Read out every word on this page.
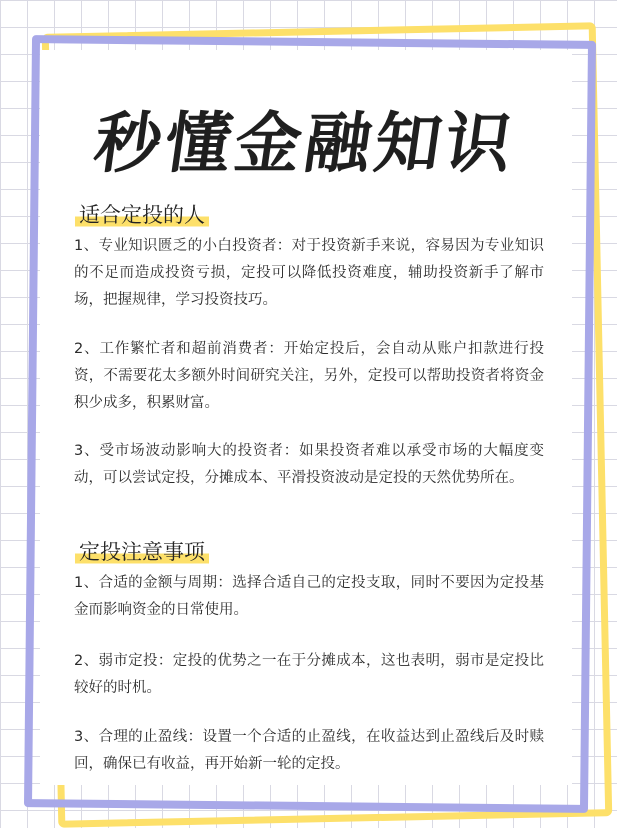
秒懂金融知识
适合定投的人

1、专业知识匮乏的小白投资者：对于投资新手来说，容易因为专业知识的不足而造成投资亏损，定投可以降低投资难度，辅助投资新手了解市场，把握规律，学习投资技巧。

2、工作繁忙者和超前消费者：开始定投后，会自动从账户扣款进行投资，不需要花太多额外时间研究关注，另外，定投可以帮助投资者将资金积少成多，积累财富。

3、受市场波动影响大的投资者：如果投资者难以承受市场的大幅度变动，可以尝试定投，分摊成本、平滑投资波动是定投的天然优势所在。

定投注意事项

1、合适的金额与周期：选择合适自己的定投支取，同时不要因为定投基金而影响资金的日常使用。

2、弱市定投：定投的优势之一在于分摊成本，这也表明，弱市是定投比较好的时机。

3、合理的止盈线：设置一个合适的止盈线，在收益达到止盈线后及时赎回，确保已有收益，再开始新一轮的定投。
